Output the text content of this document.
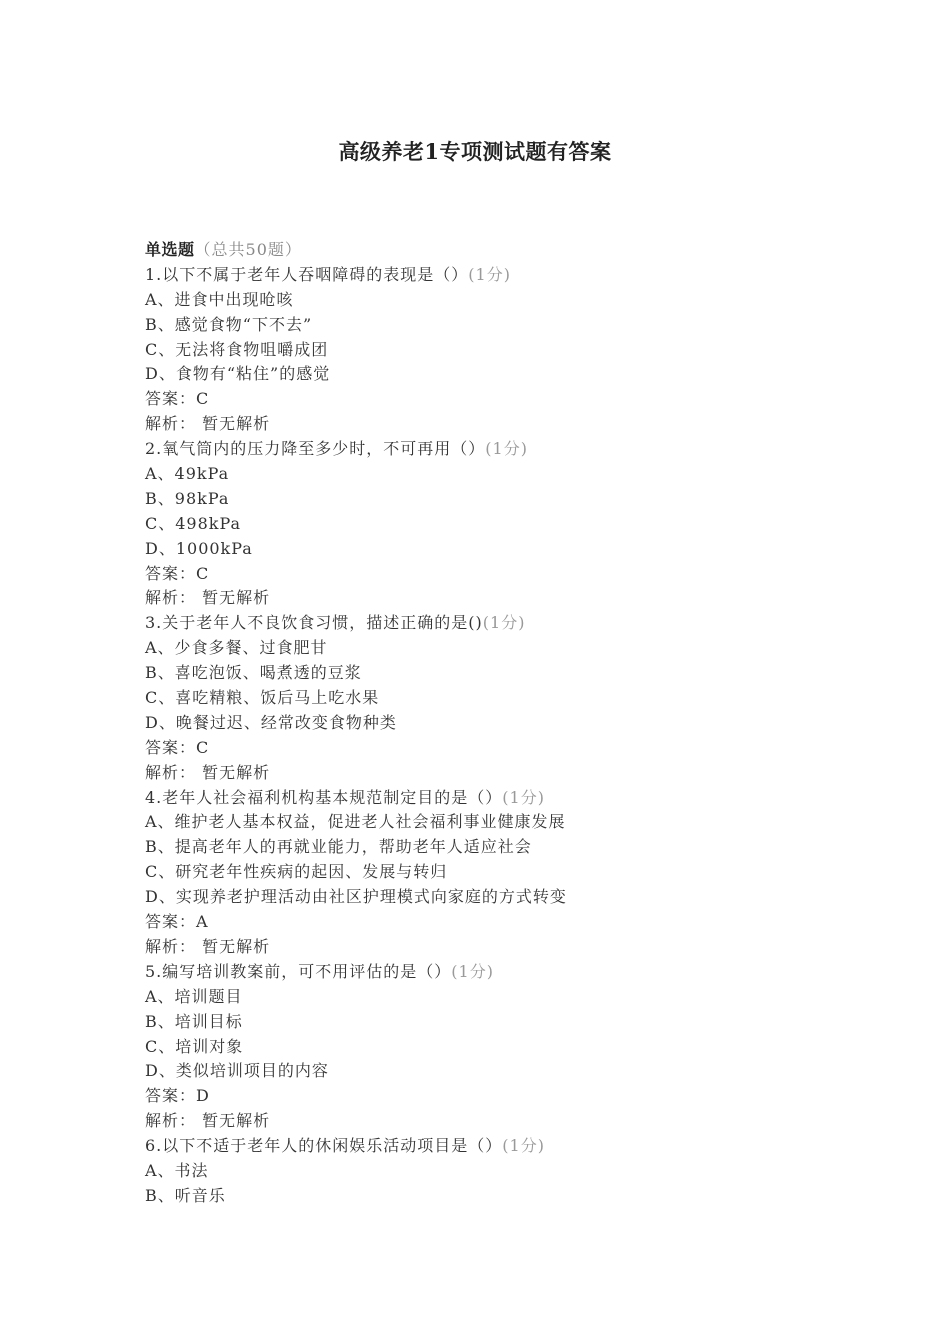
高级养老1专项测试题有答案
单选题（总共50题）
1.以下不属于老年人吞咽障碍的表现是（）(1分)
A、进食中出现呛咳
B、感觉食物“下不去”
C、无法将食物咀嚼成团
D、食物有“粘住”的感觉
答案：C
解析： 暂无解析
2.氧气筒内的压力降至多少时，不可再用（）(1分)
A、49kPa
B、98kPa
C、498kPa
D、1000kPa
答案：C
解析： 暂无解析
3.关于老年人不良饮食习惯，描述正确的是()(1分)
A、少食多餐、过食肥甘
B、喜吃泡饭、喝煮透的豆浆
C、喜吃精粮、饭后马上吃水果
D、晚餐过迟、经常改变食物种类
答案：C
解析： 暂无解析
4.老年人社会福利机构基本规范制定目的是（）(1分)
A、维护老人基本权益，促进老人社会福利事业健康发展
B、提高老年人的再就业能力，帮助老年人适应社会
C、研究老年性疾病的起因、发展与转归
D、实现养老护理活动由社区护理模式向家庭的方式转变
答案：A
解析： 暂无解析
5.编写培训教案前，可不用评估的是（）(1分)
A、培训题目
B、培训目标
C、培训对象
D、类似培训项目的内容
答案：D
解析： 暂无解析
6.以下不适于老年人的休闲娱乐活动项目是（）(1分)
A、书法
B、听音乐
